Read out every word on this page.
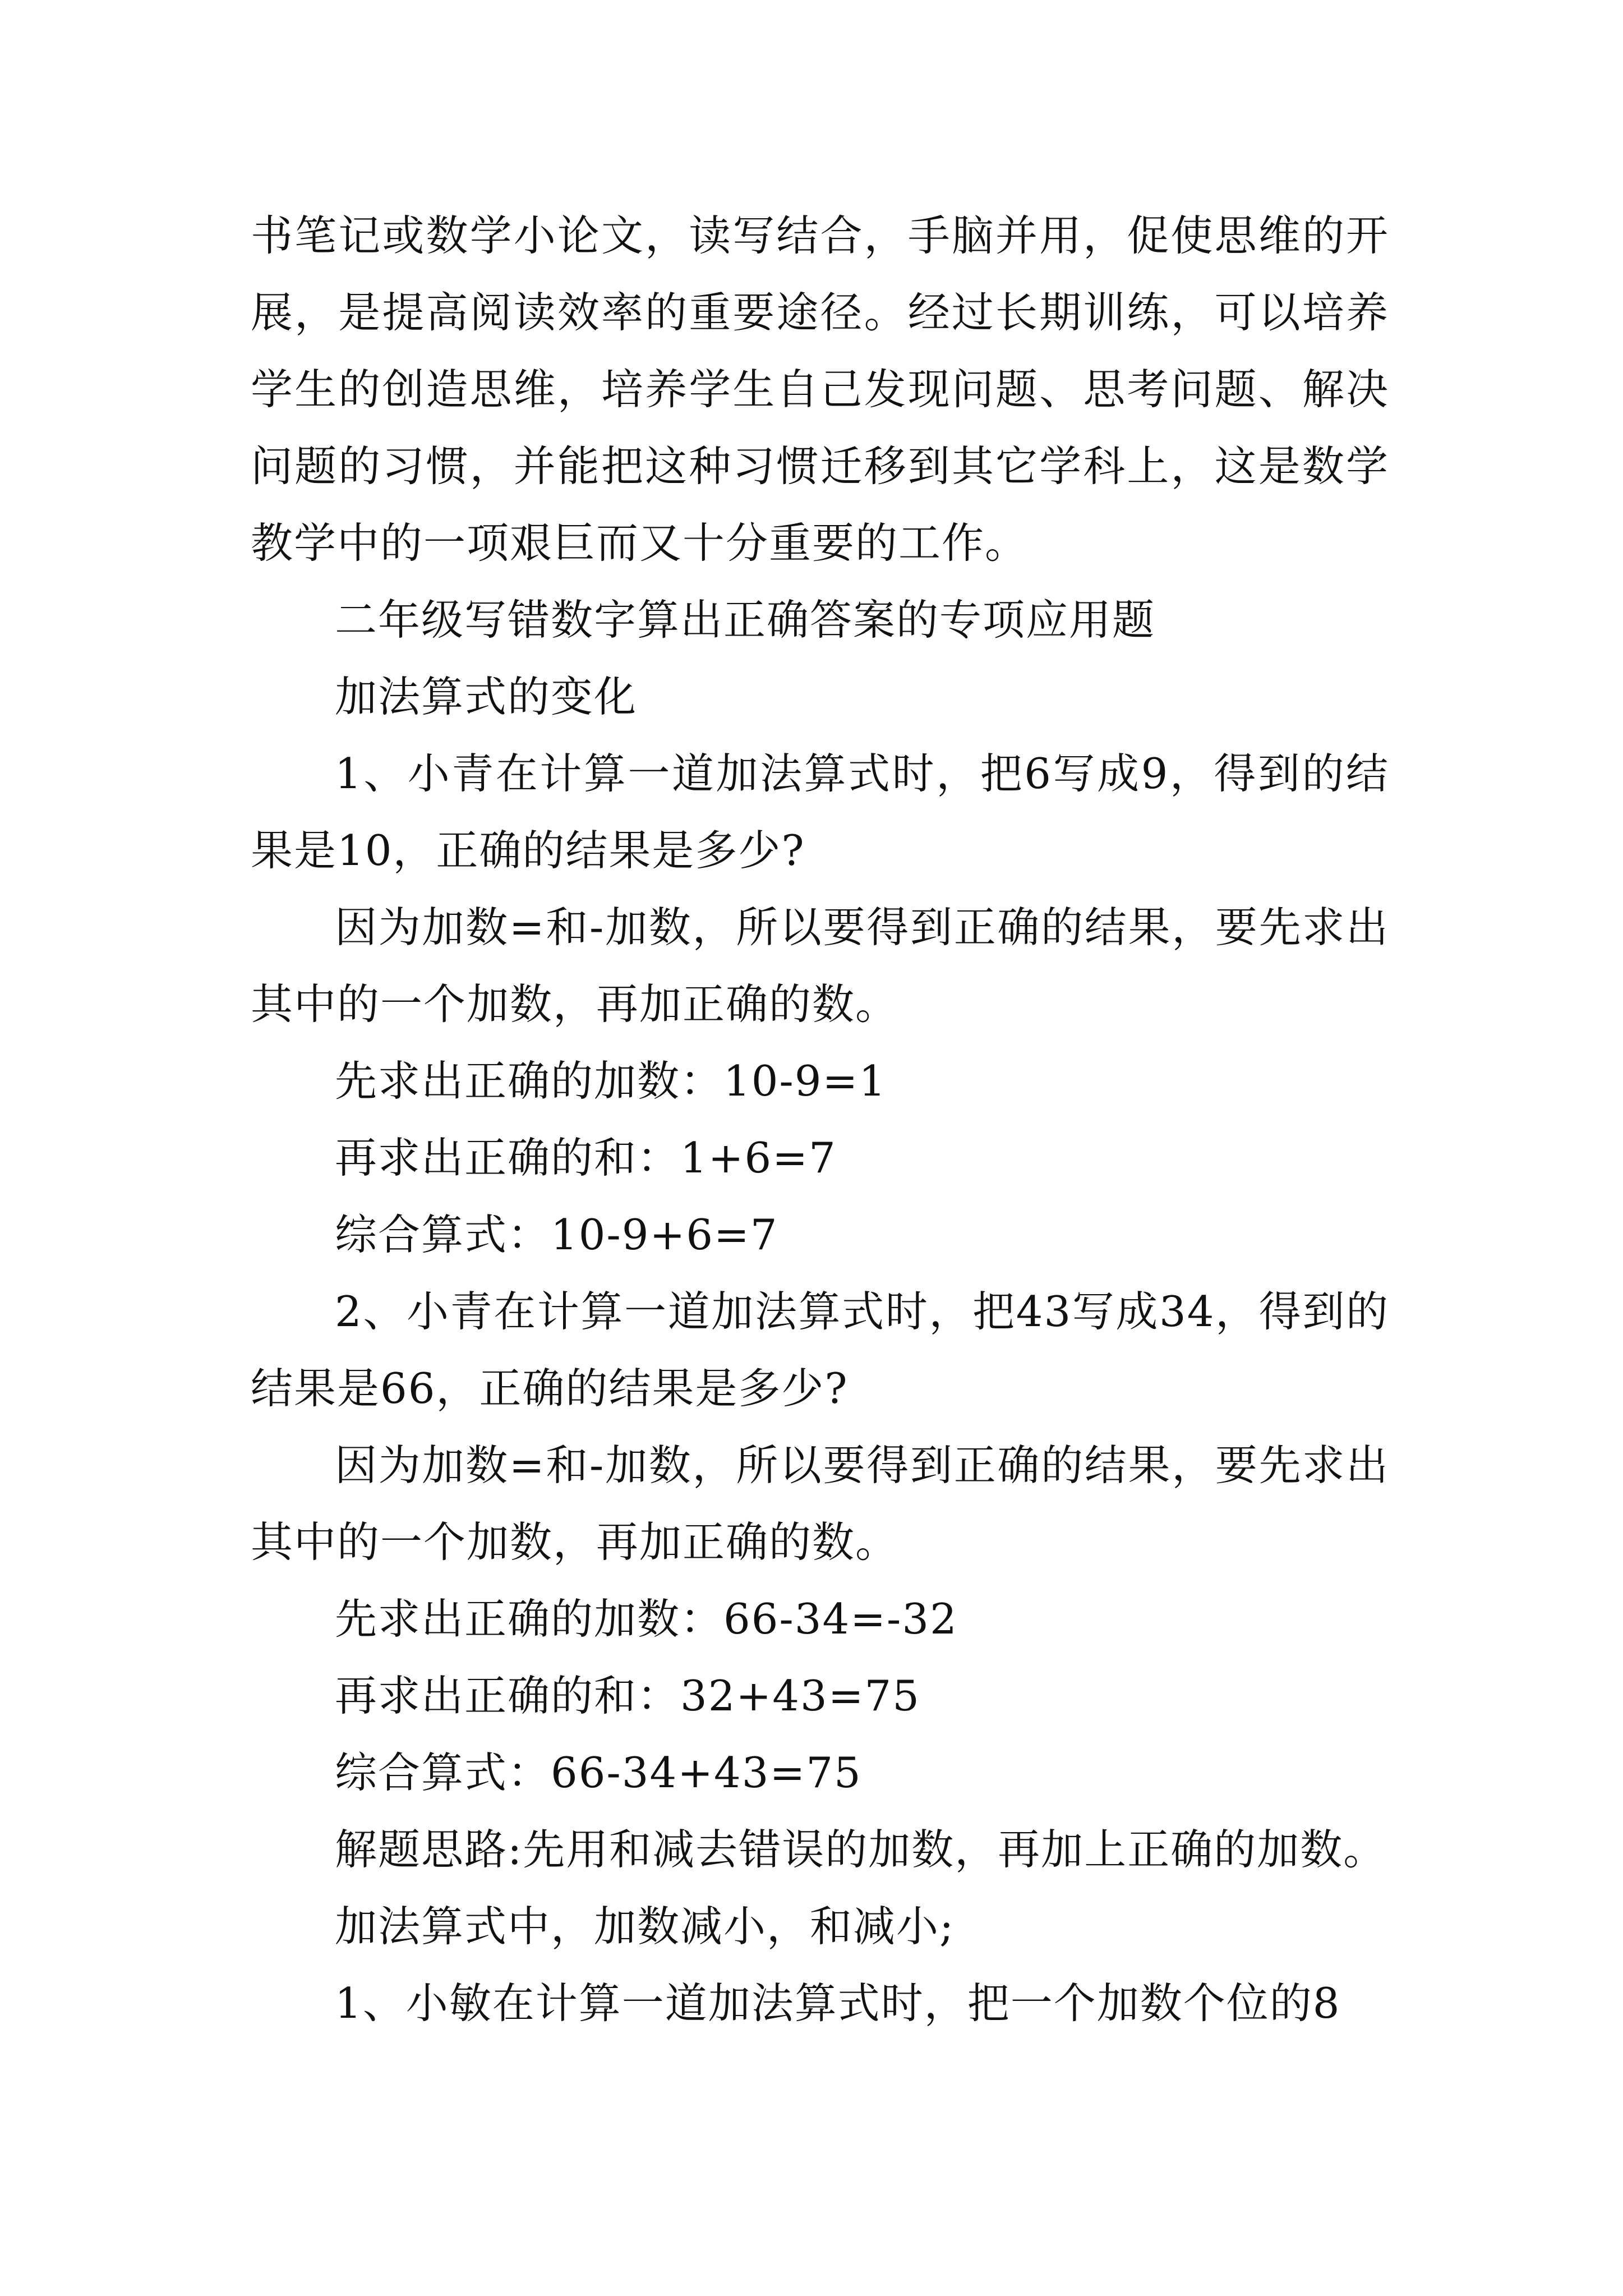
书笔记或数学小论文，读写结合，手脑并用，促使思维的开展，是提高阅读效率的重要途径。经过长期训练，可以培养学生的创造思维，培养学生自己发现问题、思考问题、解决问题的习惯，并能把这种习惯迁移到其它学科上，这是数学教学中的一项艰巨而又十分重要的工作。

二年级写错数字算出正确答案的专项应用题

加法算式的变化

1、小青在计算一道加法算式时，把6写成9，得到的结果是10，正确的结果是多少?

因为加数=和-加数，所以要得到正确的结果，要先求出其中的一个加数，再加正确的数。

先求出正确的加数：10-9=1

再求出正确的和：1+6=7

综合算式：10-9+6=7

2、小青在计算一道加法算式时，把43写成34，得到的结果是66，正确的结果是多少?

因为加数=和-加数，所以要得到正确的结果，要先求出其中的一个加数，再加正确的数。

先求出正确的加数：66-34=-32

再求出正确的和：32+43=75

综合算式：66-34+43=75

解题思路:先用和减去错误的加数，再加上正确的加数。

加法算式中，加数减小，和减小;

1、小敏在计算一道加法算式时，把一个加数个位的8
